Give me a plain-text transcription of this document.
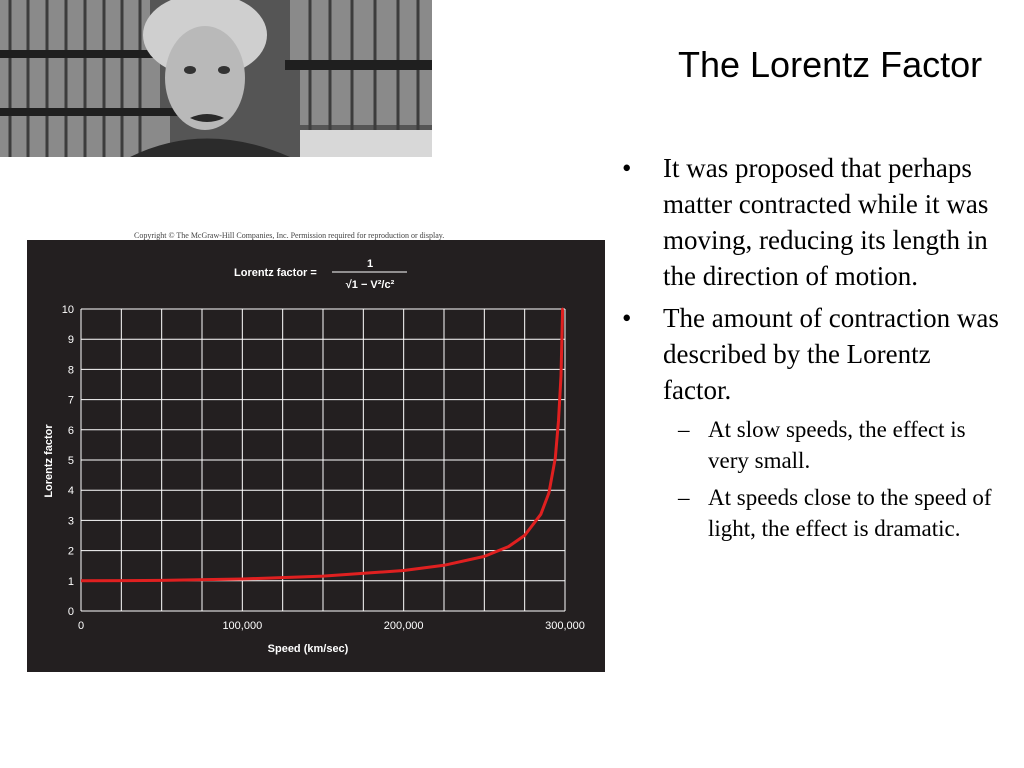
The Lorentz Factor
• It was proposed that perhaps matter contracted while it was moving, reducing its length in the direction of motion.
• The amount of contraction was described by the Lorentz factor.
– At slow speeds, the effect is very small.
– At speeds close to the speed of light, the effect is dramatic.
Copyright © The McGraw-Hill Companies, Inc. Permission required for reproduction or display.
Lorentz factor =
1
√1 − V²/c²
0
1
2
3
4
5
6
7
8
9
10
0	100,000	200,000	300,000
Speed (km/sec)
Lorentz factor
